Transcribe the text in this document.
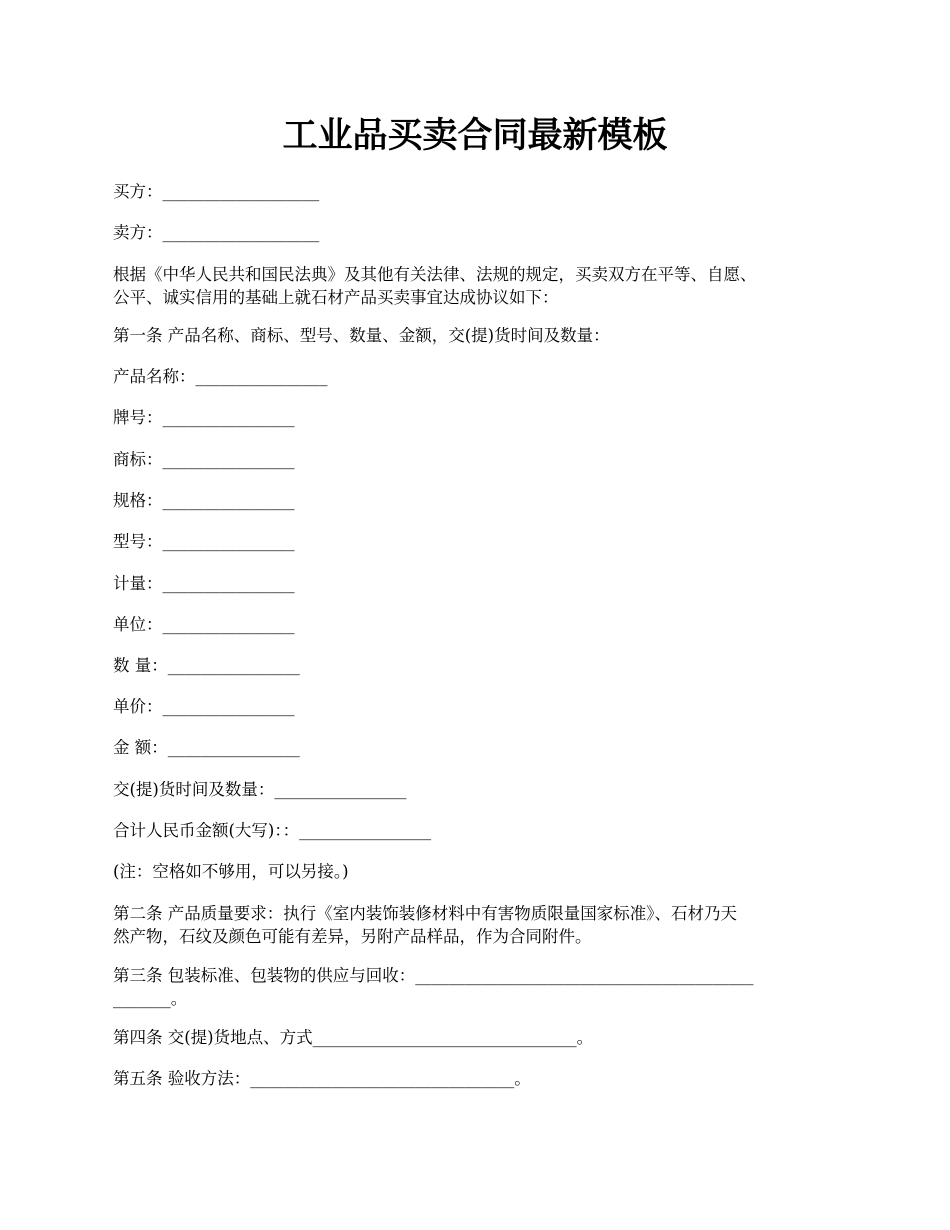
工业品买卖合同最新模板
买方：___________________
卖方：___________________
根据《中华人民共和国民法典》及其他有关法律、法规的规定，买卖双方在平等、自愿、
公平、诚实信用的基础上就石材产品买卖事宜达成协议如下：
第一条 产品名称、商标、型号、数量、金额，交(提)货时间及数量：
产品名称：________________
牌号：________________
商标：________________
规格：________________
型号：________________
计量：________________
单位：________________
数 量：________________
单价：________________
金 额：________________
交(提)货时间及数量：________________
合计人民币金额(大写)：：________________
(注：空格如不够用，可以另接。)
第二条 产品质量要求：执行《室内装饰装修材料中有害物质限量国家标准》、石材乃天
然产物，石纹及颜色可能有差异，另附产品样品，作为合同附件。
第三条 包装标准、包装物的供应与回收：_________________________________________
_______。
第四条 交(提)货地点、方式________________________________。
第五条 验收方法：________________________________。
